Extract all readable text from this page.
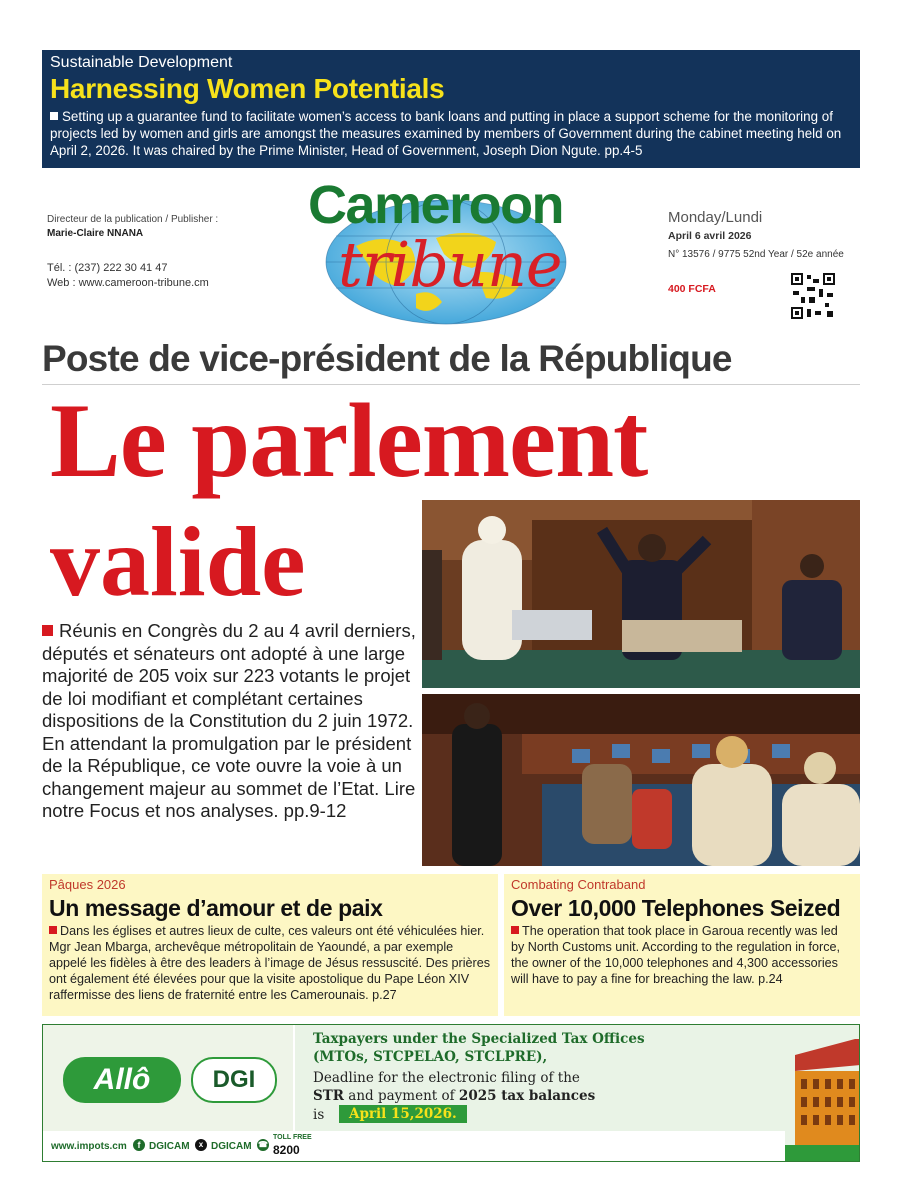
Sustainable Development
Harnessing Women Potentials
Setting up a guarantee fund to facilitate women’s access to bank loans and putting in place a support scheme for the monitoring of projects led by women and girls are amongst the measures examined by members of Government during the cabinet meeting held on April 2, 2026. It was chaired by the Prime Minister, Head of Government, Joseph Dion Ngute. pp.4-5
Directeur de la publication / Publisher :
Marie-Claire NNANA
Tél. : (237) 222 30 41 47
Web : www.cameroon-tribune.cm
Cameroon
tribune
Monday/Lundi
April 6 avril 2026
N° 13576 / 9775 52nd Year / 52e année
400 FCFA
Poste de vice-président de la République
Le parlement
valide
Réunis en Congrès du 2 au 4 avril derniers, députés et sénateurs ont adopté à une large majorité de 205 voix sur 223 votants le projet de loi modifiant et complétant certaines dispositions de la Constitution du 2 juin 1972. En attendant la promulgation par le président de la République, ce vote ouvre la voie à un changement majeur au sommet de l’Etat. Lire notre Focus et nos analyses. pp.9-12
Pâques 2026
Un message d’amour et de paix
Dans les églises et autres lieux de culte, ces valeurs ont été véhiculées hier. Mgr Jean Mbarga, archevêque métropolitain de Yaoundé, a par exemple appelé les fidèles à être des leaders à l’image de Jésus ressuscité. Des prières ont également été élevées pour que la visite apostolique du Pape Léon XIV raffermisse des liens de fraternité entre les Camerounais. p.27
Combating Contraband
Over 10,000 Telephones Seized
The operation that took place in Garoua recently was led by North Customs unit. According to the regulation in force, the owner of the 10,000 telephones and 4,300 accessories will have to pay a fine for breaching the law. p.24
Allô	DGI
Taxpayers under the Specialized Tax Offices
(MTOs, STCPELAO, STCLPRE),
Deadline for the electronic filing of the
STR and payment of 2025 tax balances
is	April 15,2026.
www.impots.cm	f DGICAM	x DGICAM ☎
TOLL FREE
8200
